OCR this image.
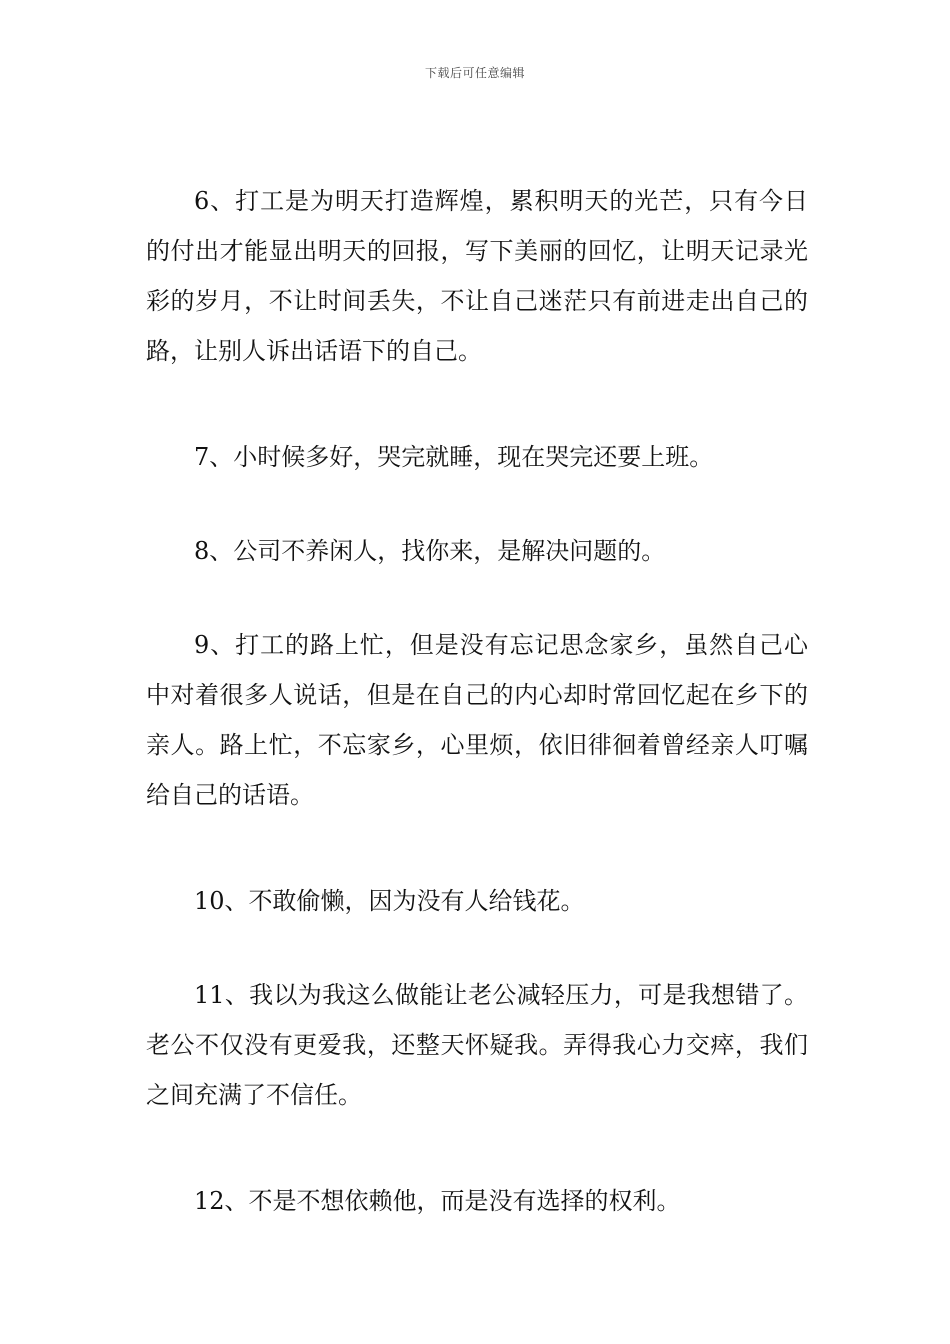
下载后可任意编辑

6、打工是为明天打造辉煌，累积明天的光芒，只有今日的付出才能显出明天的回报，写下美丽的回忆，让明天记录光彩的岁月，不让时间丢失，不让自己迷茫只有前进走出自己的路，让别人诉出话语下的自己。

7、小时候多好，哭完就睡，现在哭完还要上班。

8、公司不养闲人，找你来，是解决问题的。

9、打工的路上忙，但是没有忘记思念家乡，虽然自己心中对着很多人说话，但是在自己的内心却时常回忆起在乡下的亲人。路上忙，不忘家乡，心里烦，依旧徘徊着曾经亲人叮嘱给自己的话语。

10、不敢偷懒，因为没有人给钱花。

11、我以为我这么做能让老公减轻压力，可是我想错了。老公不仅没有更爱我，还整天怀疑我。弄得我心力交瘁，我们之间充满了不信任。

12、不是不想依赖他，而是没有选择的权利。
